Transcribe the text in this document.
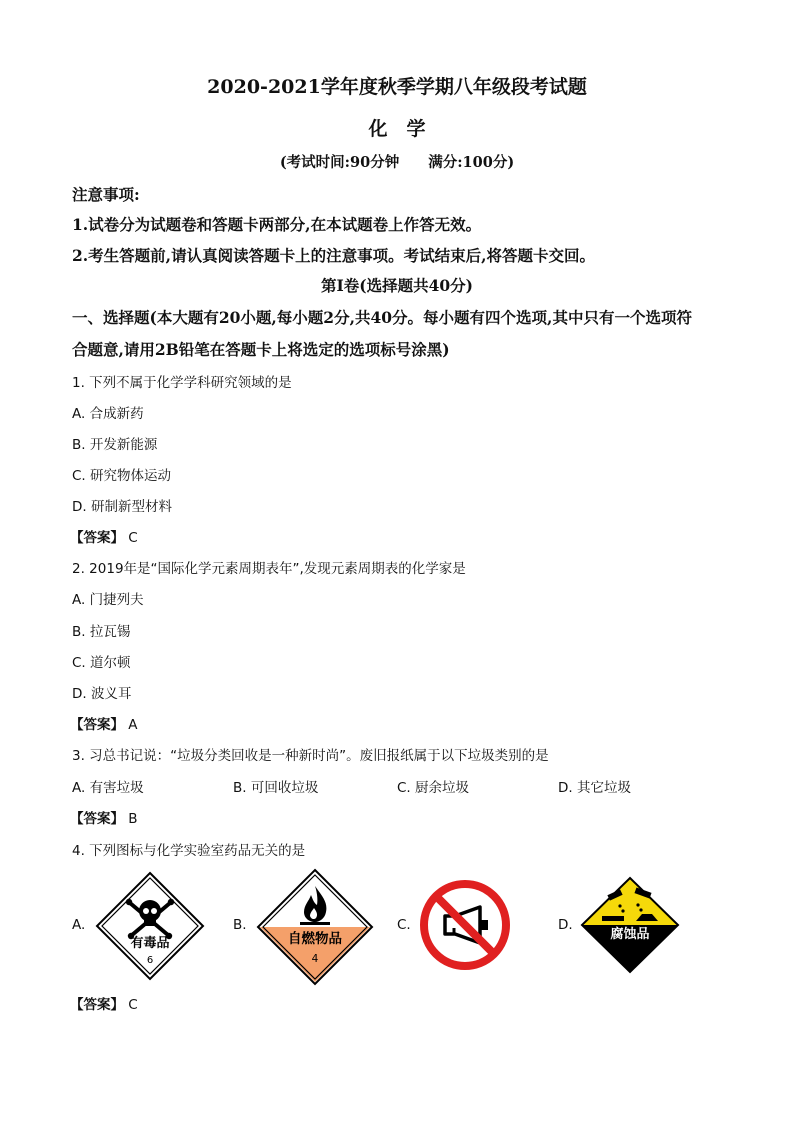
2020-2021学年度秋季学期八年级段考试题
化　学
(考试时间:90分钟　　满分:100分)
注意事项:
1.试卷分为试题卷和答题卡两部分,在本试题卷上作答无效。
2.考生答题前,请认真阅读答题卡上的注意事项。考试结束后,将答题卡交回。
第Ⅰ卷(选择题共40分)
一、选择题(本大题有20小题,每小题2分,共40分。每小题有四个选项,其中只有一个选项符
合题意,请用2B铅笔在答题卡上将选定的选项标号涂黑)
1. 下列不属于化学学科研究领域的是
A. 合成新药
B. 开发新能源
C. 研究物体运动
D. 研制新型材料
【答案】 C
2. 2019年是“国际化学元素周期表年”,发现元素周期表的化学家是
A. 门捷列夫
B. 拉瓦锡
C. 道尔顿
D. 波义耳
【答案】 A
3. 习总书记说：“垃圾分类回收是一种新时尚”。废旧报纸属于以下垃圾类别的是
A. 有害垃圾	B. 可回收垃圾	C. 厨余垃圾	D. 其它垃圾
【答案】 B
4. 下列图标与化学实验室药品无关的是
A.
有毒品
6
B.
自燃物品
4
C.	D.
腐蚀品
【答案】 C
